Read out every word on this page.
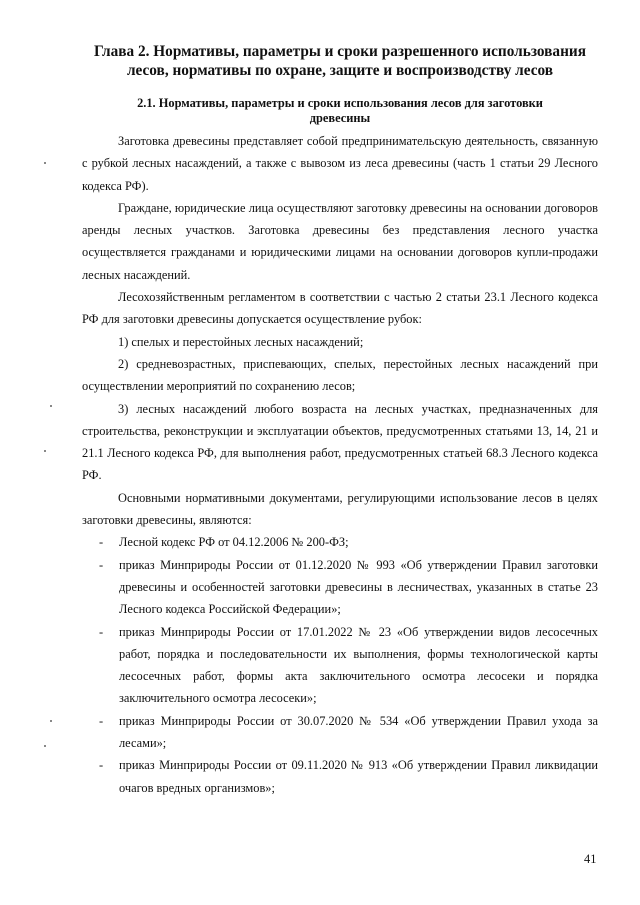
Глава 2. Нормативы, параметры и сроки разрешенного использования лесов, нормативы по охране, защите и воспроизводству лесов
2.1. Нормативы, параметры и сроки использования лесов для заготовки древесины

Заготовка древесины представляет собой предпринимательскую деятельность, связанную с рубкой лесных насаждений, а также с вывозом из леса древесины (часть 1 статьи 29 Лесного кодекса РФ).

Граждане, юридические лица осуществляют заготовку древесины на основании договоров аренды лесных участков. Заготовка древесины без представления лесного участка осуществляется гражданами и юридическими лицами на основании договоров купли-продажи лесных насаждений.

Лесохозяйственным регламентом в соответствии с частью 2 статьи 23.1 Лесного кодекса РФ для заготовки древесины допускается осуществление рубок:

1) спелых и перестойных лесных насаждений;

2) средневозрастных, приспевающих, спелых, перестойных лесных насаждений при осуществлении мероприятий по сохранению лесов;

3) лесных насаждений любого возраста на лесных участках, предназначенных для строительства, реконструкции и эксплуатации объектов, предусмотренных статьями 13, 14, 21 и 21.1 Лесного кодекса РФ, для выполнения работ, предусмотренных статьей 68.3 Лесного кодекса РФ.

Основными нормативными документами, регулирующими использование лесов в целях заготовки древесины, являются:

- Лесной кодекс РФ от 04.12.2006 № 200-ФЗ;
- приказ Минприроды России от 01.12.2020 № 993 «Об утверждении Правил заготовки древесины и особенностей заготовки древесины в лесничествах, указанных в статье 23 Лесного кодекса Российской Федерации»;
- приказ Минприроды России от 17.01.2022 № 23 «Об утверждении видов лесосечных работ, порядка и последовательности их выполнения, формы технологической карты лесосечных работ, формы акта заключительного осмотра лесосеки и порядка заключительного осмотра лесосеки»;
- приказ Минприроды России от 30.07.2020 № 534 «Об утверждении Правил ухода за лесами»;
- приказ Минприроды России от 09.11.2020 № 913 «Об утверждении Правил ликвидации очагов вредных организмов»;
41
